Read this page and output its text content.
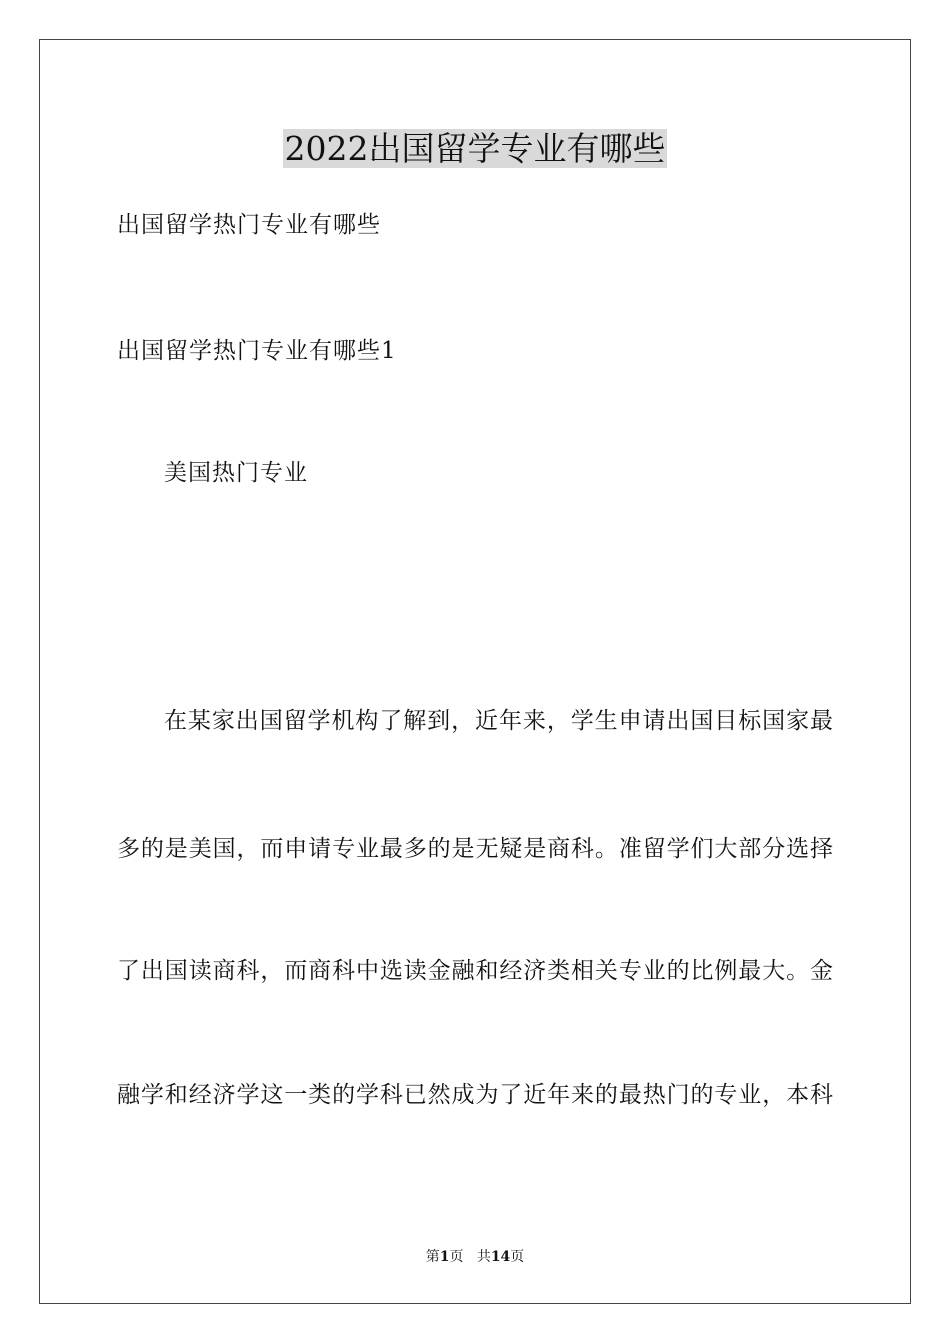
2022出国留学专业有哪些
出国留学热门专业有哪些
出国留学热门专业有哪些1
美国热门专业
在某家出国留学机构了解到，近年来，学生申请出国目标国家最
多的是美国，而申请专业最多的是无疑是商科。准留学们大部分选择
了出国读商科，而商科中选读金融和经济类相关专业的比例最大。金
融学和经济学这一类的学科已然成为了近年来的最热门的专业，本科
第1页 共14页
